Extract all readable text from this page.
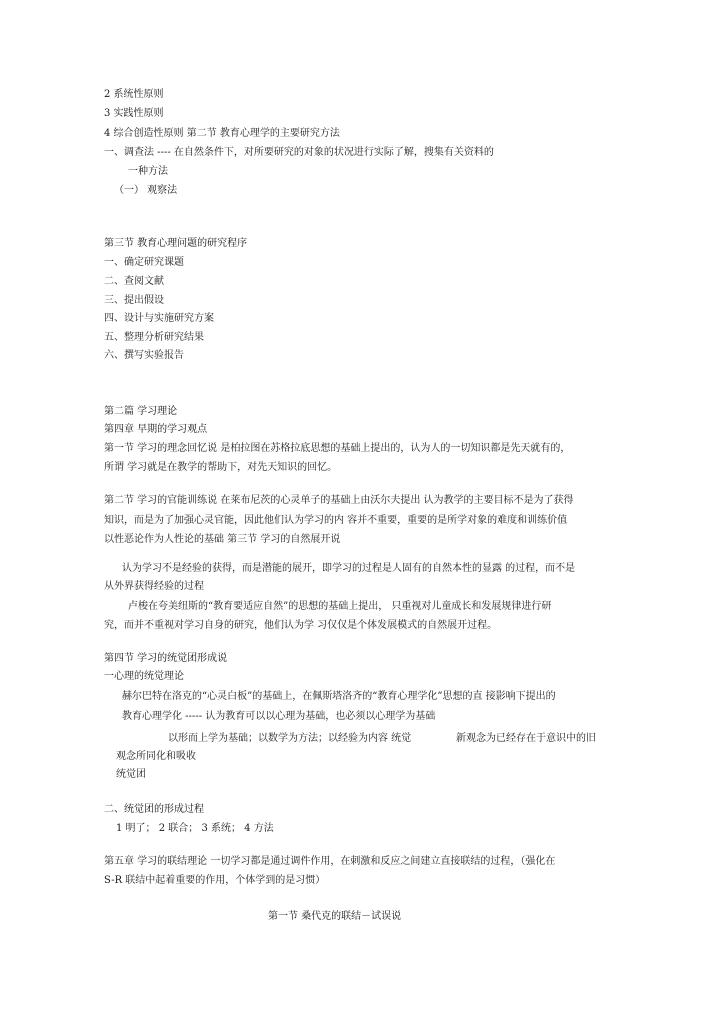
2 系统性原则

3 实践性原则

4 综合创造性原则 第二节 教育心理学的主要研究方法

一、调查法 ---- 在自然条件下，对所要研究的对象的状况进行实际了解，搜集有关资料的

一种方法

（一） 观察法

第三节 教育心理问题的研究程序

一、确定研究课题

二、查阅文献

三、提出假设

四、设计与实施研究方案

五、整理分析研究结果

六、撰写实验报告

第二篇 学习理论

第四章 早期的学习观点

第一节 学习的理念回忆说 是柏拉图在苏格拉底思想的基础上提出的，认为人的一切知识都是先天就有的，

所谓 学习就是在教学的帮助下，对先天知识的回忆。

第二节 学习的官能训练说 在莱布尼茨的心灵单子的基础上由沃尔夫提出 认为教学的主要目标不是为了获得

知识，而是为了加强心灵官能，因此他们认为学习的内 容并不重要，重要的是所学对象的难度和训练价值

以性恶论作为人性论的基础 第三节 学习的自然展开说

认为学习不是经验的获得，而是潜能的展开，即学习的过程是人固有的自然本性的显露 的过程，而不是

从外界获得经验的过程

卢梭在夸美纽斯的“教育要适应自然”的思想的基础上提出， 只重视对儿童成长和发展规律进行研

究，而并不重视对学习自身的研究，他们认为学 习仅仅是个体发展模式的自然展开过程。

第四节 学习的统觉团形成说

一心理的统觉理论

赫尔巴特在洛克的“心灵白板”的基础上，在佩斯塔洛齐的“教育心理学化”思想的直 接影响下提出的

教育心理学化 ----- 认为教育可以以心理为基础，也必须以心理学为基础

以形而上学为基础；以数学为方法；以经验为内容 统觉	新观念为已经存在于意识中的旧

观念所同化和吸收

统觉团

二、统觉团的形成过程

1 明了； 2 联合； 3 系统； 4 方法

第五章 学习的联结理论 一切学习都是通过调件作用，在刺激和反应之间建立直接联结的过程，（强化在

S-R 联结中起着重要的作用，个体学到的是习惯）

第一节 桑代克的联结－试误说
